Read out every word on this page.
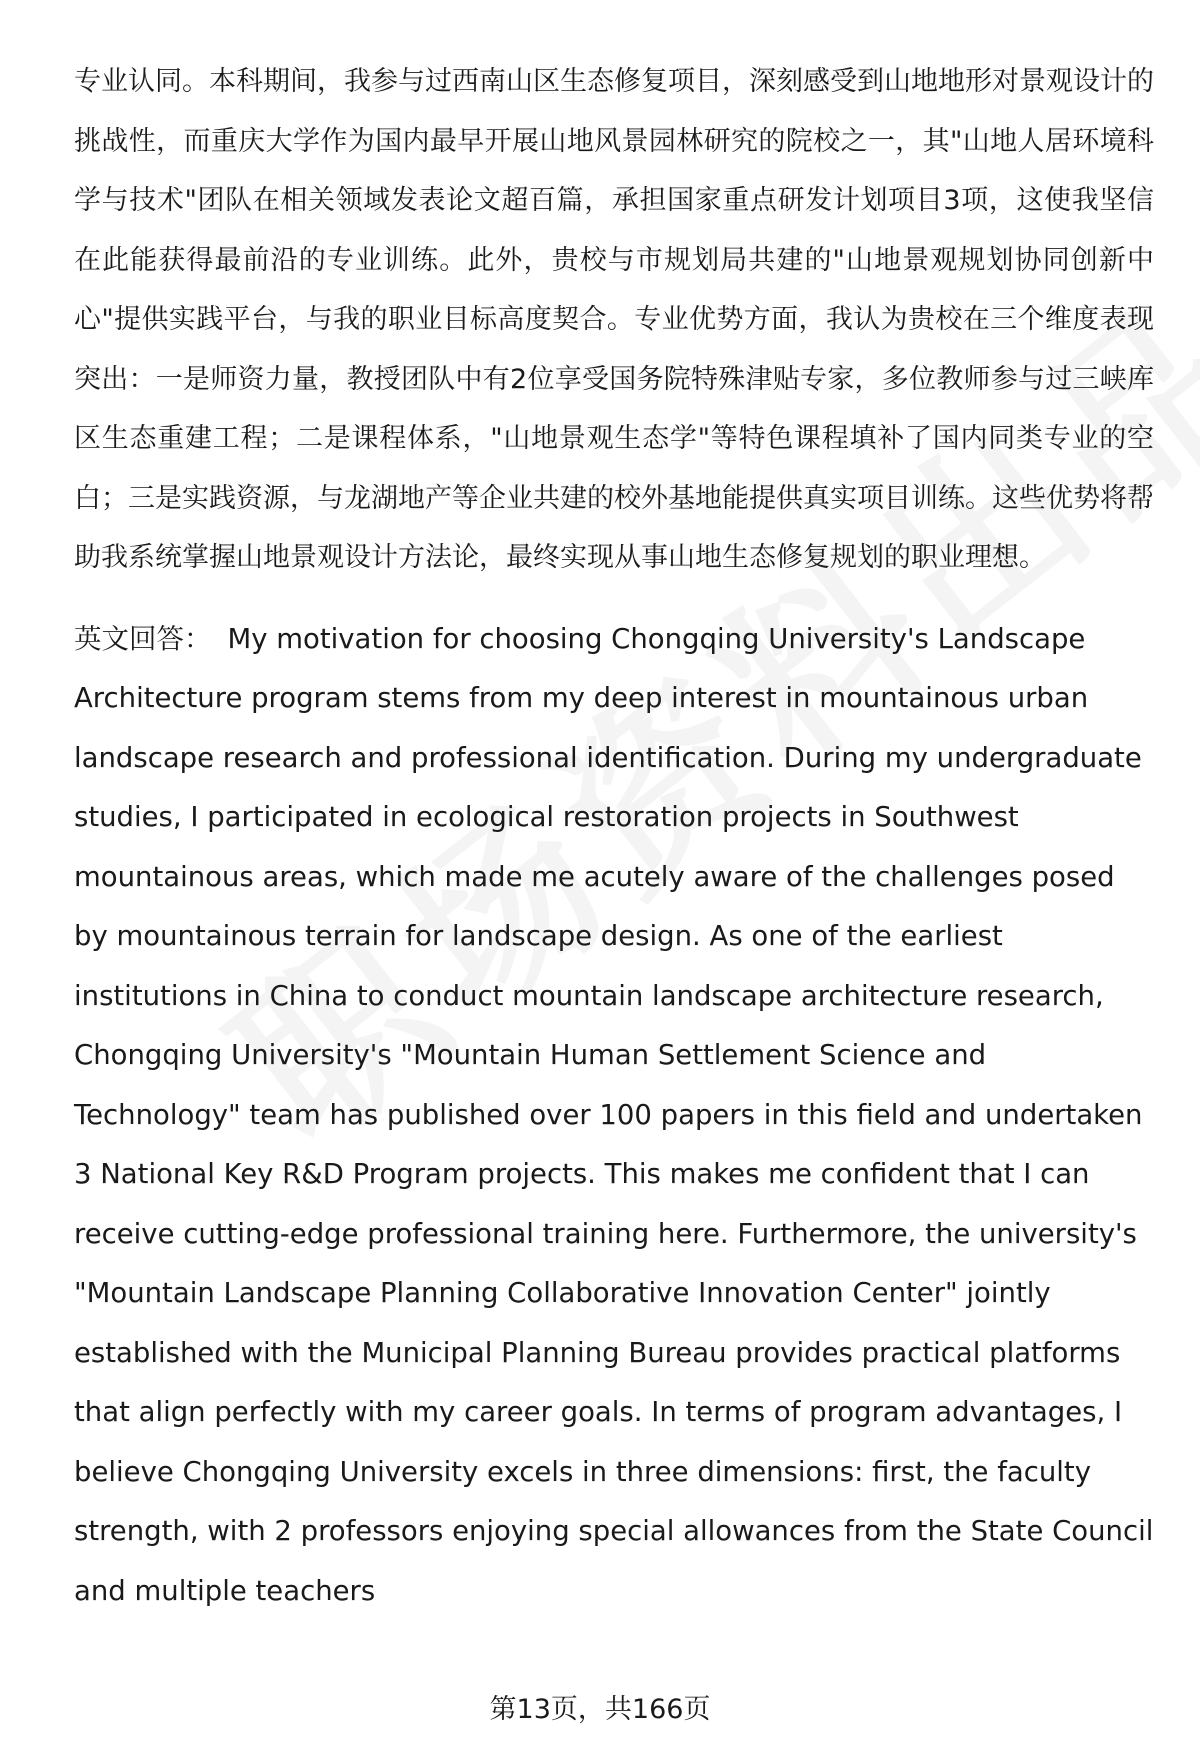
专业认同。本科期间，我参与过西南山区生态修复项目，深刻感受到山地地形对景观设计的挑战性，而重庆大学作为国内最早开展山地风景园林研究的院校之一，其"山地人居环境科学与技术"团队在相关领域发表论文超百篇，承担国家重点研发计划项目3项，这使我坚信在此能获得最前沿的专业训练。此外，贵校与市规划局共建的"山地景观规划协同创新中心"提供实践平台，与我的职业目标高度契合。专业优势方面，我认为贵校在三个维度表现突出：一是师资力量，教授团队中有2位享受国务院特殊津贴专家，多位教师参与过三峡库区生态重建工程；二是课程体系，"山地景观生态学"等特色课程填补了国内同类专业的空白；三是实践资源，与龙湖地产等企业共建的校外基地能提供真实项目训练。这些优势将帮助我系统掌握山地景观设计方法论，最终实现从事山地生态修复规划的职业理想。

英文回答： My motivation for choosing Chongqing University's Landscape Architecture program stems from my deep interest in mountainous urban landscape research and professional identification. During my undergraduate studies, I participated in ecological restoration projects in Southwest mountainous areas, which made me acutely aware of the challenges posed by mountainous terrain for landscape design. As one of the earliest institutions in China to conduct mountain landscape architecture research, Chongqing University's "Mountain Human Settlement Science and Technology" team has published over 100 papers in this field and undertaken 3 National Key R&D Program projects. This makes me confident that I can receive cutting-edge professional training here. Furthermore, the university's "Mountain Landscape Planning Collaborative Innovation Center" jointly established with the Municipal Planning Bureau provides practical platforms that align perfectly with my career goals. In terms of program advantages, I believe Chongqing University excels in three dimensions: first, the faculty strength, with 2 professors enjoying special allowances from the State Council and multiple teachers

第13页，共166页
